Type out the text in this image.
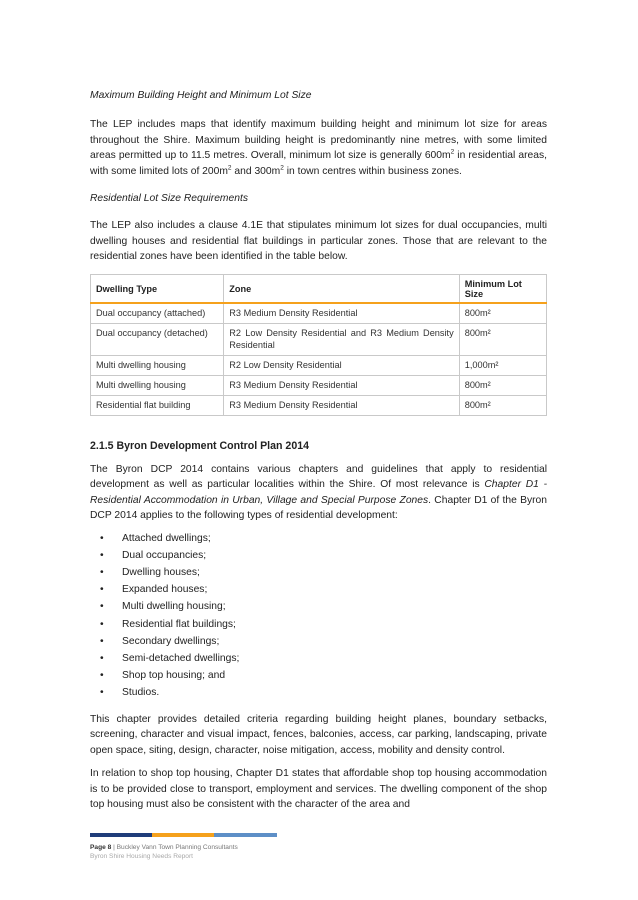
Maximum Building Height and Minimum Lot Size

The LEP includes maps that identify maximum building height and minimum lot size for areas throughout the Shire. Maximum building height is predominantly nine metres, with some limited areas permitted up to 11.5 metres. Overall, minimum lot size is generally $600m^2$ in residential areas, with some limited lots of $200m^2$ and $300m^2$ in town centres within business zones.

Residential Lot Size Requirements

The LEP also includes a clause 4.1E that stipulates minimum lot sizes for dual occupancies, multi dwelling houses and residential flat buildings in particular zones. Those that are relevant to the residential zones have been identified in the table below.

Dwelling Type	Zone	Minimum Lot Size
Dual occupancy (attached)	R3 Medium Density Residential	800m²
Dual occupancy (detached)	R2 Low Density Residential and R3 Medium Density Residential	800m²
Multi dwelling housing	R2 Low Density Residential	1,000m²
Multi dwelling housing	R3 Medium Density Residential	800m²
Residential flat building	R3 Medium Density Residential	800m²

2.1.5 Byron Development Control Plan 2014

The Byron DCP 2014 contains various chapters and guidelines that apply to residential development as well as particular localities within the Shire. Of most relevance is Chapter D1 - Residential Accommodation in Urban, Village and Special Purpose Zones. Chapter D1 of the Byron DCP 2014 applies to the following types of residential development:

• Attached dwellings;
• Dual occupancies;
• Dwelling houses;
• Expanded houses;
• Multi dwelling housing;
• Residential flat buildings;
• Secondary dwellings;
• Semi-detached dwellings;
• Shop top housing; and
• Studios.

This chapter provides detailed criteria regarding building height planes, boundary setbacks, screening, character and visual impact, fences, balconies, access, car parking, landscaping, private open space, siting, design, character, noise mitigation, access, mobility and density control.

In relation to shop top housing, Chapter D1 states that affordable shop top housing accommodation is to be provided close to transport, employment and services. The dwelling component of the shop top housing must also be consistent with the character of the area and

Page 8 | Buckley Vann Town Planning Consultants
Byron Shire Housing Needs Report
